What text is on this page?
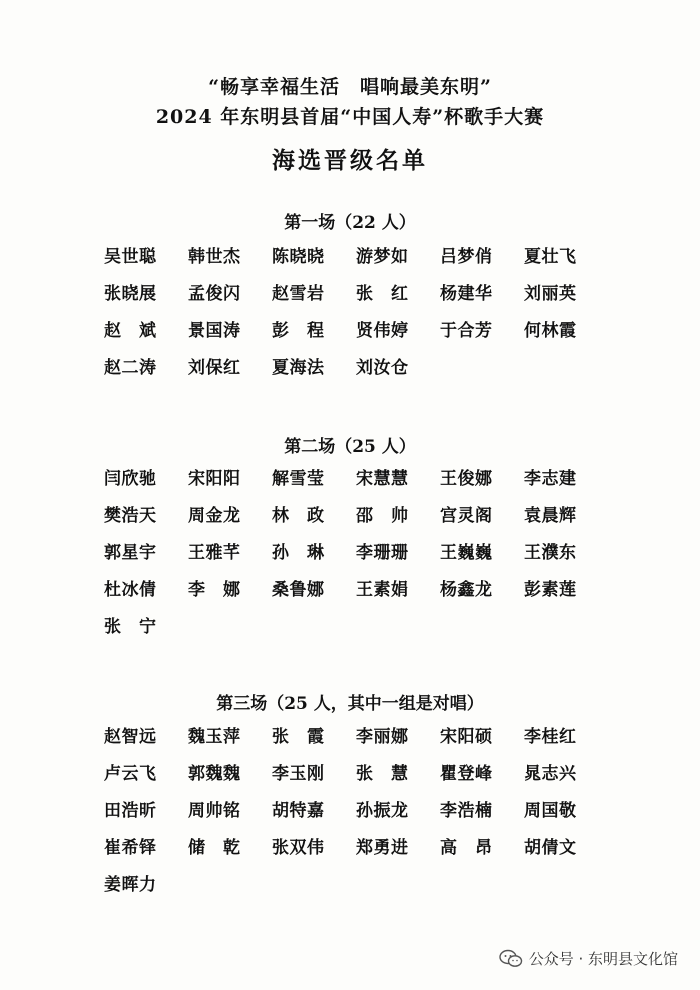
“畅享幸福生活　唱响最美东明”
2024 年东明县首届“中国人寿”杯歌手大赛
海选晋级名单
第一场（22 人）
吴世聪	韩世杰	陈晓晓	游梦如	吕梦俏	夏壮飞
张晓展	孟俊闪	赵雪岩	张　红	杨建华	刘丽英
赵　斌	景国涛	彭　程	贤伟婷	于合芳	何林霞
赵二涛	刘保红	夏海法	刘汝仓
第二场（25 人）
闫欣驰	宋阳阳	解雪莹	宋慧慧	王俊娜	李志建
樊浩天	周金龙	林　政	邵　帅	宫灵阁	袁晨辉
郭星宇	王雅芊	孙　琳	李珊珊	王巍巍	王濮东
杜冰倩	李　娜	桑鲁娜	王素娟	杨鑫龙	彭素莲
张　宁
第三场（25 人，其中一组是对唱）
赵智远	魏玉萍	张　霞	李丽娜	宋阳硕	李桂红
卢云飞	郭魏魏	李玉刚	张　慧	瞿登峰	晁志兴
田浩昕	周帅铭	胡特嘉	孙振龙	李浩楠	周国敬
崔希铎	储　乾	张双伟	郑勇进	高　昂	胡倩文
姜晖力
公众号 · 东明县文化馆
